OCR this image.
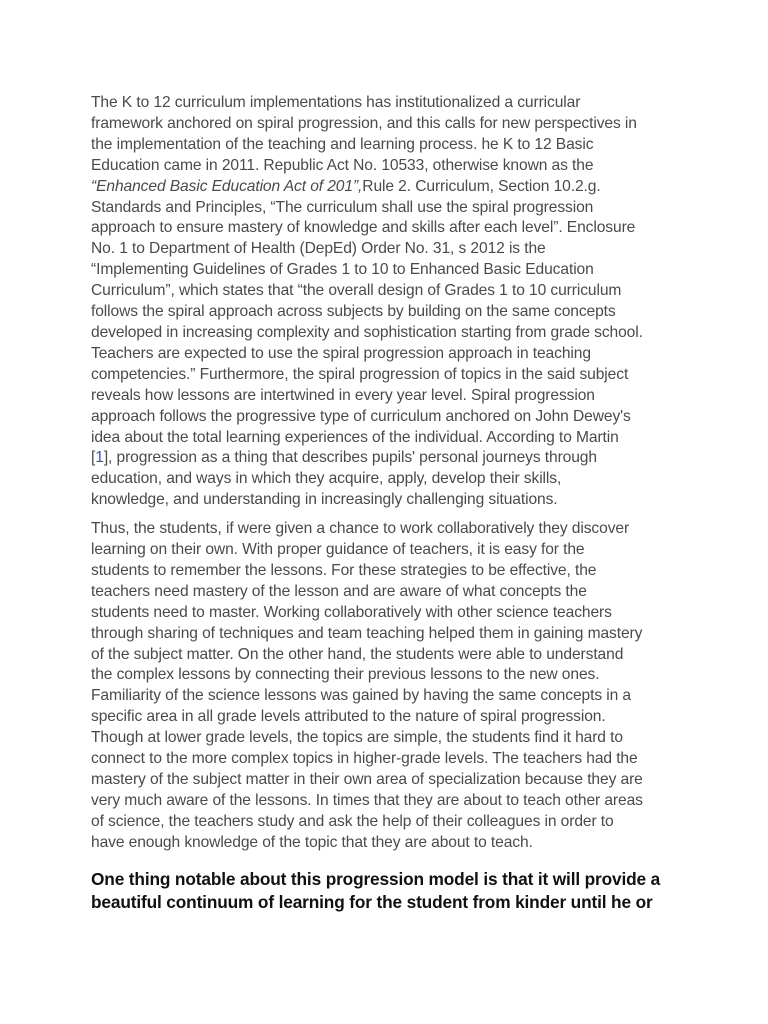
The K to 12 curriculum implementations has institutionalized a curricular
framework anchored on spiral progression, and this calls for new perspectives in
the implementation of the teaching and learning process. he K to 12 Basic
Education came in 2011. Republic Act No. 10533, otherwise known as the
“Enhanced Basic Education Act of 201”,Rule 2. Curriculum, Section 10.2.g.
Standards and Principles, “The curriculum shall use the spiral progression
approach to ensure mastery of knowledge and skills after each level”. Enclosure
No. 1 to Department of Health (DepEd) Order No. 31, s 2012 is the
“Implementing Guidelines of Grades 1 to 10 to Enhanced Basic Education
Curriculum”, which states that “the overall design of Grades 1 to 10 curriculum
follows the spiral approach across subjects by building on the same concepts
developed in increasing complexity and sophistication starting from grade school.
Teachers are expected to use the spiral progression approach in teaching
competencies.” Furthermore, the spiral progression of topics in the said subject
reveals how lessons are intertwined in every year level. Spiral progression
approach follows the progressive type of curriculum anchored on John Dewey's
idea about the total learning experiences of the individual. According to Martin
[1], progression as a thing that describes pupils' personal journeys through
education, and ways in which they acquire, apply, develop their skills,
knowledge, and understanding in increasingly challenging situations.

Thus, the students, if were given a chance to work collaboratively they discover
learning on their own. With proper guidance of teachers, it is easy for the
students to remember the lessons. For these strategies to be effective, the
teachers need mastery of the lesson and are aware of what concepts the
students need to master. Working collaboratively with other science teachers
through sharing of techniques and team teaching helped them in gaining mastery
of the subject matter. On the other hand, the students were able to understand
the complex lessons by connecting their previous lessons to the new ones.
Familiarity of the science lessons was gained by having the same concepts in a
specific area in all grade levels attributed to the nature of spiral progression.
Though at lower grade levels, the topics are simple, the students find it hard to
connect to the more complex topics in higher-grade levels. The teachers had the
mastery of the subject matter in their own area of specialization because they are
very much aware of the lessons. In times that they are about to teach other areas
of science, the teachers study and ask the help of their colleagues in order to
have enough knowledge of the topic that they are about to teach.

One thing notable about this progression model is that it will provide a
beautiful continuum of learning for the student from kinder until he or
